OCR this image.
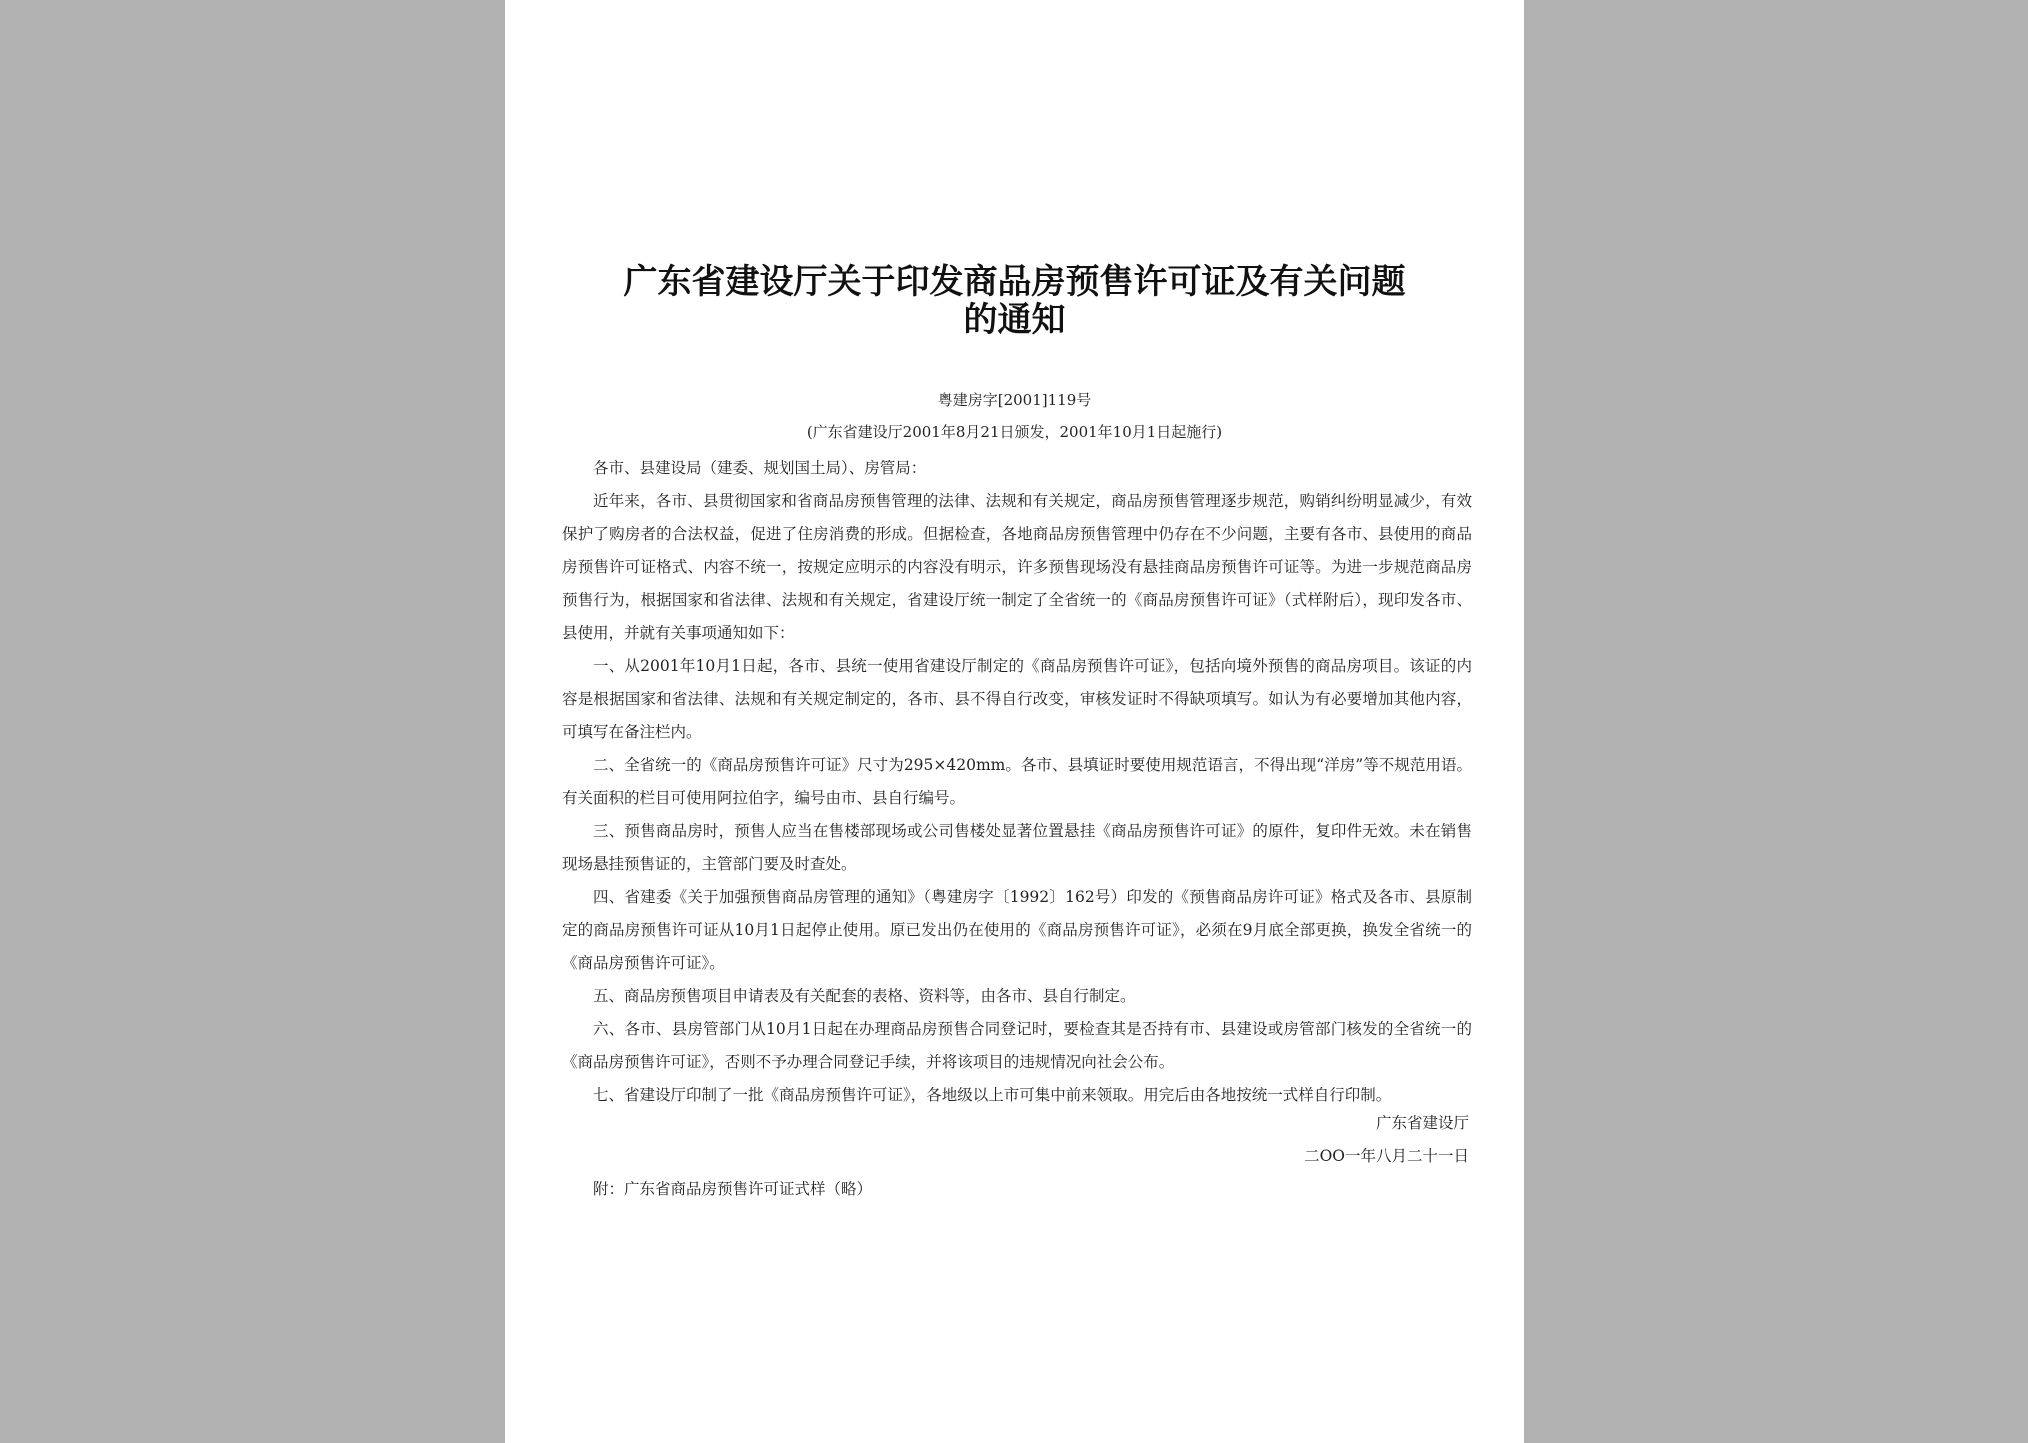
广东省建设厅关于印发商品房预售许可证及有关问题
的通知
粤建房字[2001]119号
(广东省建设厅2001年8月21日颁发，2001年10月1日起施行)

各市、县建设局（建委、规划国土局）、房管局：

近年来，各市、县贯彻国家和省商品房预售管理的法律、法规和有关规定，商品房预售管理逐步规范，购销纠纷明显减少，有效保护了购房者的合法权益，促进了住房消费的形成。但据检查，各地商品房预售管理中仍存在不少问题，主要有各市、县使用的商品房预售许可证格式、内容不统一，按规定应明示的内容没有明示，许多预售现场没有悬挂商品房预售许可证等。为进一步规范商品房预售行为，根据国家和省法律、法规和有关规定，省建设厅统一制定了全省统一的《商品房预售许可证》（式样附后），现印发各市、县使用，并就有关事项通知如下：

一、从2001年10月1日起，各市、县统一使用省建设厅制定的《商品房预售许可证》，包括向境外预售的商品房项目。该证的内容是根据国家和省法律、法规和有关规定制定的，各市、县不得自行改变，审核发证时不得缺项填写。如认为有必要增加其他内容，可填写在备注栏内。

二、全省统一的《商品房预售许可证》尺寸为295×420mm。各市、县填证时要使用规范语言，不得出现“洋房”等不规范用语。有关面积的栏目可使用阿拉伯字，编号由市、县自行编号。

三、预售商品房时，预售人应当在售楼部现场或公司售楼处显著位置悬挂《商品房预售许可证》的原件，复印件无效。未在销售现场悬挂预售证的，主管部门要及时查处。

四、省建委《关于加强预售商品房管理的通知》（粤建房字〔1992〕162号）印发的《预售商品房许可证》格式及各市、县原制定的商品房预售许可证从10月1日起停止使用。原已发出仍在使用的《商品房预售许可证》，必须在9月底全部更换，换发全省统一的《商品房预售许可证》。

五、商品房预售项目申请表及有关配套的表格、资料等，由各市、县自行制定。

六、各市、县房管部门从10月1日起在办理商品房预售合同登记时，要检查其是否持有市、县建设或房管部门核发的全省统一的《商品房预售许可证》，否则不予办理合同登记手续，并将该项目的违规情况向社会公布。

七、省建设厅印制了一批《商品房预售许可证》，各地级以上市可集中前来领取。用完后由各地按统一式样自行印制。

广东省建设厅
二OO一年八月二十一日
附：广东省商品房预售许可证式样（略）
